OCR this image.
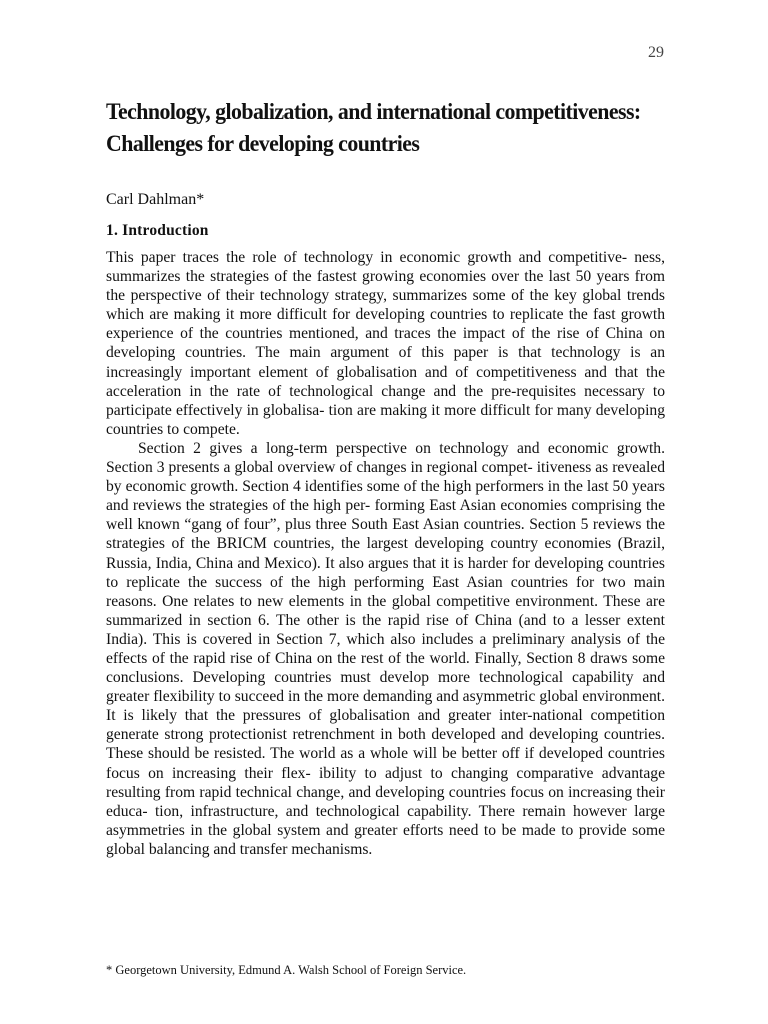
29
Technology, globalization, and international competitiveness:
Challenges for developing countries
Carl Dahlman*
1. Introduction

This paper traces the role of technology in economic growth and competitive- ness, summarizes the strategies of the fastest growing economies over the last 50 years from the perspective of their technology strategy, summarizes some of the key global trends which are making it more difficult for developing countries to replicate the fast growth experience of the countries mentioned, and traces the impact of the rise of China on developing countries. The main argument of this paper is that technology is an increasingly important element of globalisation and of competitiveness and that the acceleration in the rate of technological change and the pre-requisites necessary to participate effectively in globalisa- tion are making it more difficult for many developing countries to compete.

Section 2 gives a long-term perspective on technology and economic growth. Section 3 presents a global overview of changes in regional compet- itiveness as revealed by economic growth. Section 4 identifies some of the high performers in the last 50 years and reviews the strategies of the high per- forming East Asian economies comprising the well known “gang of four”, plus three South East Asian countries. Section 5 reviews the strategies of the BRICM countries, the largest developing country economies (Brazil, Russia, India, China and Mexico). It also argues that it is harder for developing countries to replicate the success of the high performing East Asian countries for two main reasons. One relates to new elements in the global competitive environment. These are summarized in section 6. The other is the rapid rise of China (and to a lesser extent India). This is covered in Section 7, which also includes a preliminary analysis of the effects of the rapid rise of China on the rest of the world. Finally, Section 8 draws some conclusions. Developing countries must develop more technological capability and greater flexibility to succeed in the more demanding and asymmetric global environment. It is likely that the pressures of globalisation and greater inter-national competition generate strong protectionist retrenchment in both developed and developing countries. These should be resisted. The world as a whole will be better off if developed countries focus on increasing their flex- ibility to adjust to changing comparative advantage resulting from rapid technical change, and developing countries focus on increasing their educa- tion, infrastructure, and technological capability. There remain however large asymmetries in the global system and greater efforts need to be made to provide some global balancing and transfer mechanisms.

* Georgetown University, Edmund A. Walsh School of Foreign Service.
